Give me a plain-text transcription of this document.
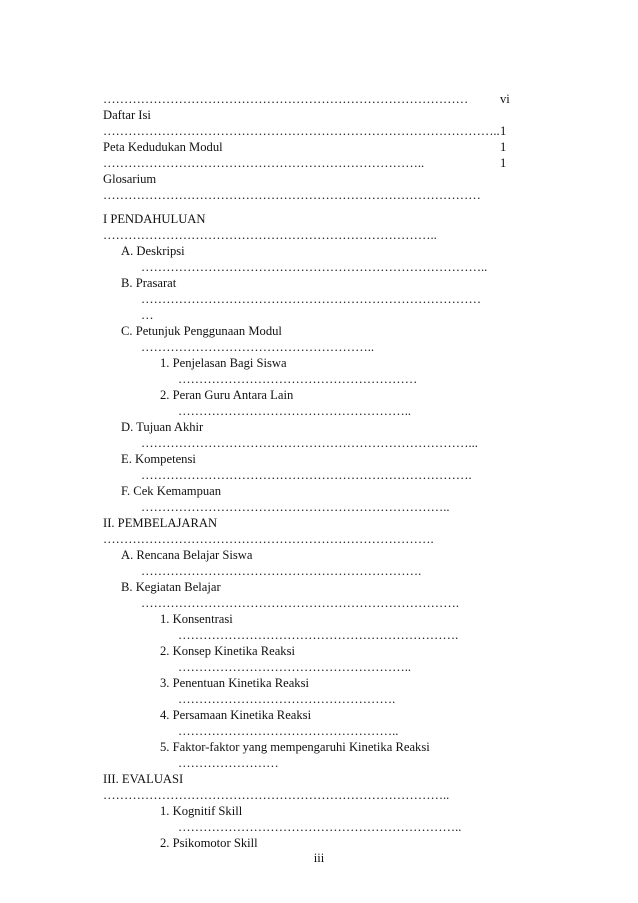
……………………………………………………………………………
Daftar Isi
…………………………………………………………………………………..
Peta Kedudukan Modul
…………………………………………………………………..
Glosarium
………………………………………………………………………………
I PENDAHULUAN
……………………………………………………………………..
A. Deskripsi
………………………………………………………………………..
B. Prasarat
………………………………………………………………………
…
C. Petunjuk Penggunaan Modul
………………………………………………..
1. Penjelasan Bagi Siswa
…………………………………………………
2. Peran Guru Antara Lain
………………………………………………..
D. Tujuan Akhir
……………………………………………………………………...
E. Kompetensi
…………………………………………………………………….
F. Cek Kemampuan
………………………………………………………………..
II. PEMBELAJARAN
…………………………………………………………………….
A. Rencana Belajar Siswa
………………………………………………………….
B. Kegiatan Belajar
………………………………………………………………….
1. Konsentrasi
………………………………………………………….
2. Konsep Kinetika Reaksi
………………………………………………..
3. Penentuan Kinetika Reaksi
…………………………………………….
4. Persamaan Kinetika Reaksi
……………………………………………..
5. Faktor-faktor yang mempengaruhi Kinetika Reaksi
……………………
III. EVALUASI
………………………………………………………………………..
1. Kognitif Skill
…………………………………………………………..
2. Psikomotor Skill
vi
1
1
1
iii
